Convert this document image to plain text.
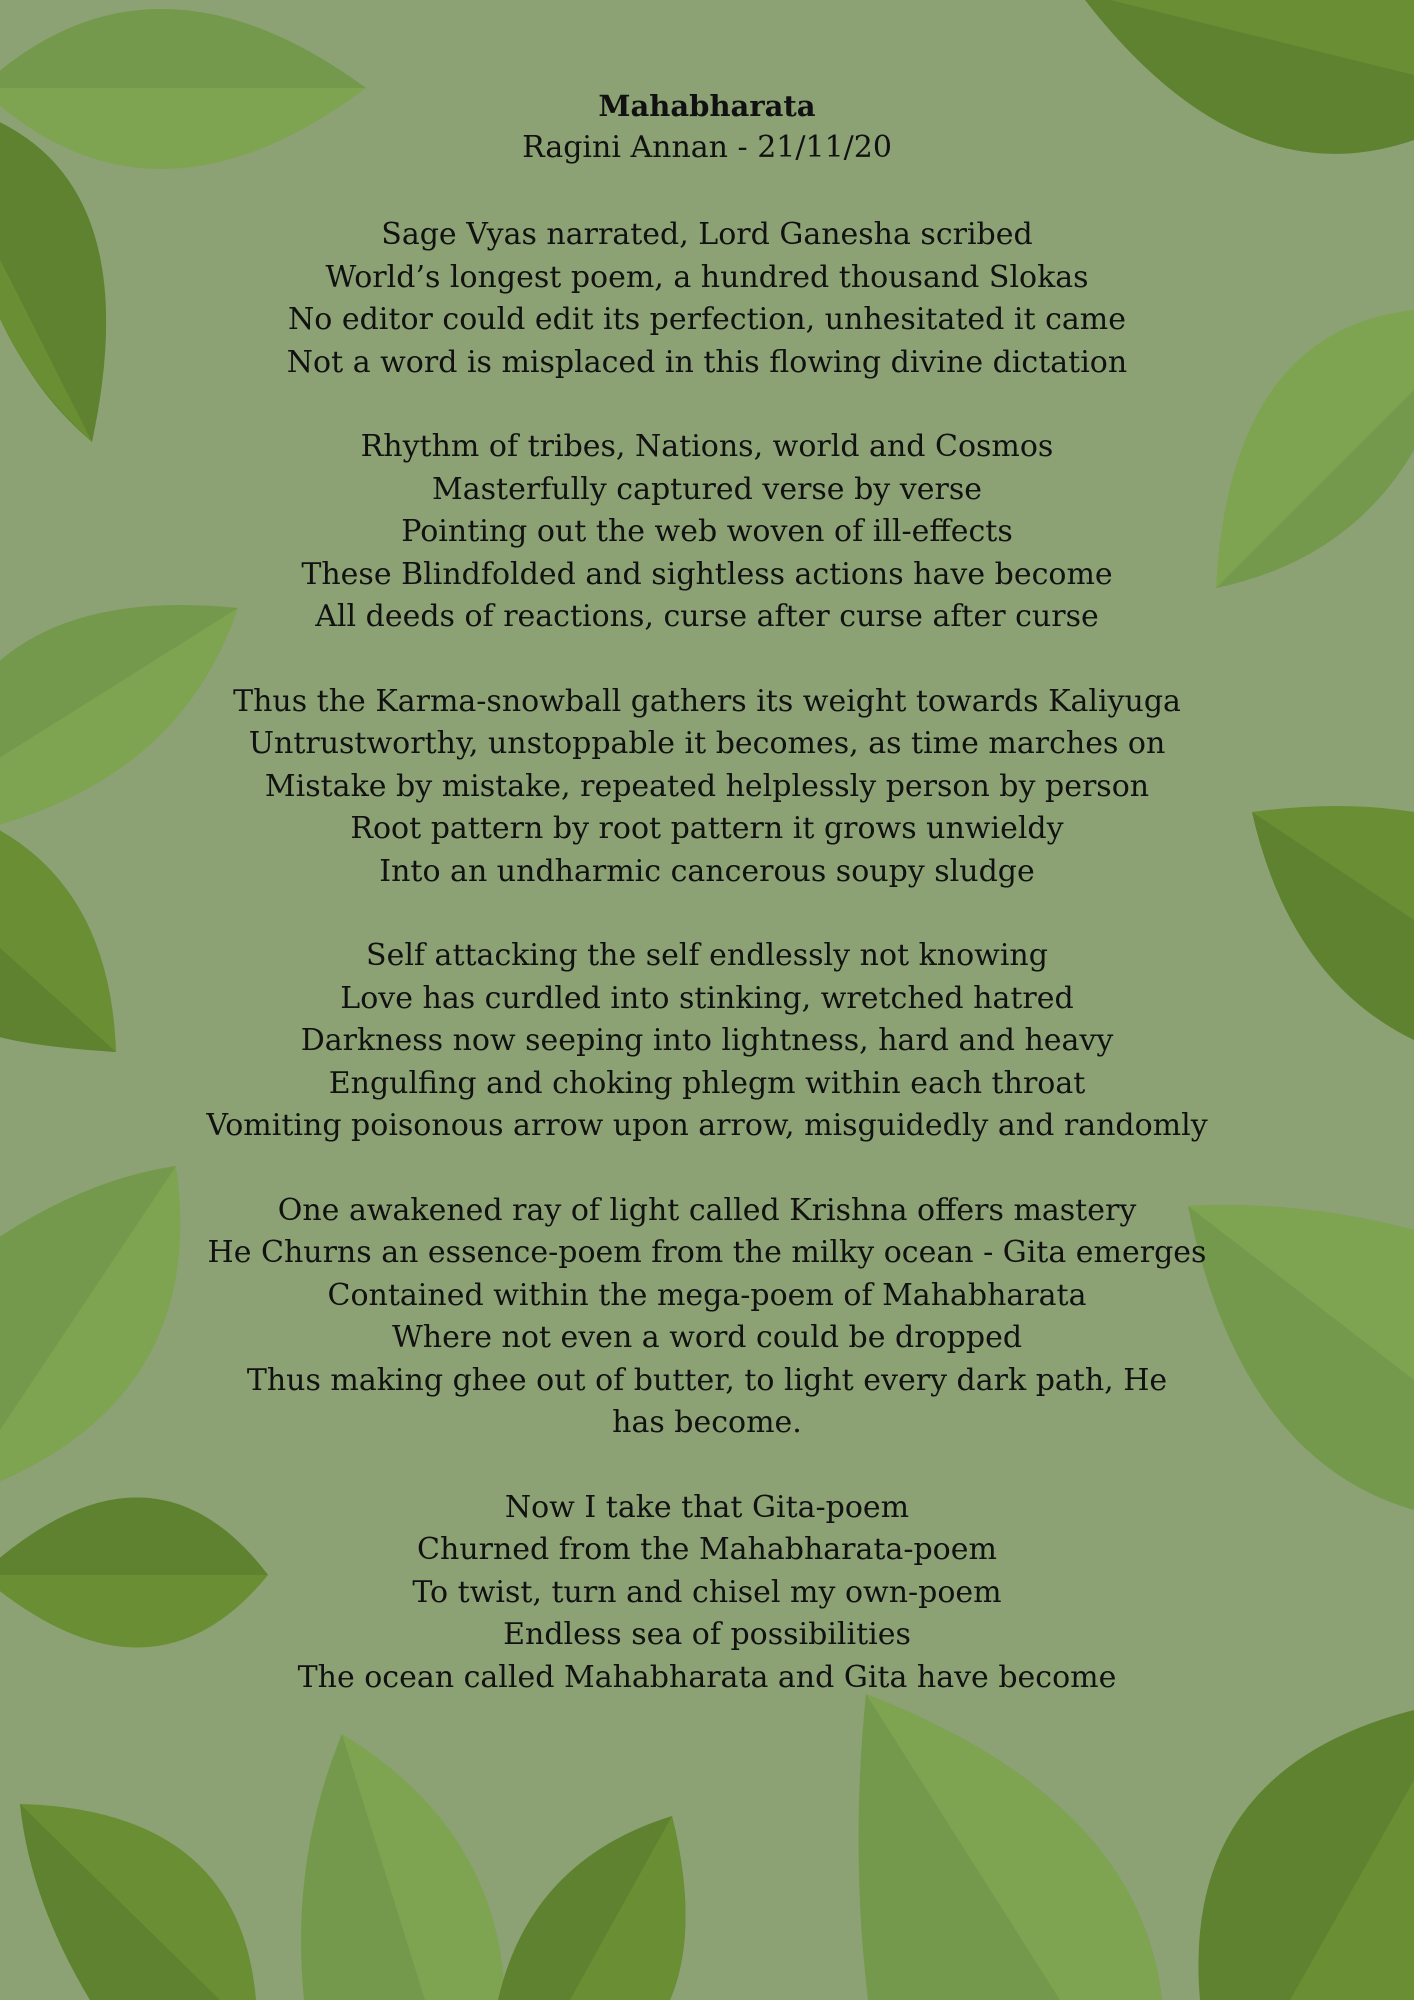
Mahabharata

Ragini Annan - 21/11/20

Sage Vyas narrated, Lord Ganesha scribed
World’s longest poem, a hundred thousand Slokas
No editor could edit its perfection, unhesitated it came
Not a word is misplaced in this flowing divine dictation
Rhythm of tribes, Nations, world and Cosmos
Masterfully captured verse by verse
Pointing out the web woven of ill-effects
These Blindfolded and sightless actions have become
All deeds of reactions, curse after curse after curse
Thus the Karma-snowball gathers its weight towards Kaliyuga
Untrustworthy, unstoppable it becomes, as time marches on
Mistake by mistake, repeated helplessly person by person
Root pattern by root pattern it grows unwieldy
Into an undharmic cancerous soupy sludge
Self attacking the self endlessly not knowing
Love has curdled into stinking, wretched hatred
Darkness now seeping into lightness, hard and heavy
Engulfing and choking phlegm within each throat
Vomiting poisonous arrow upon arrow, misguidedly and randomly
One awakened ray of light called Krishna offers mastery
He Churns an essence-poem from the milky ocean - Gita emerges
Contained within the mega-poem of Mahabharata
Where not even a word could be dropped
Thus making ghee out of butter, to light every dark path, He has become.
Now I take that Gita-poem
Churned from the Mahabharata-poem
To twist, turn and chisel my own-poem
Endless sea of possibilities
The ocean called Mahabharata and Gita have become
